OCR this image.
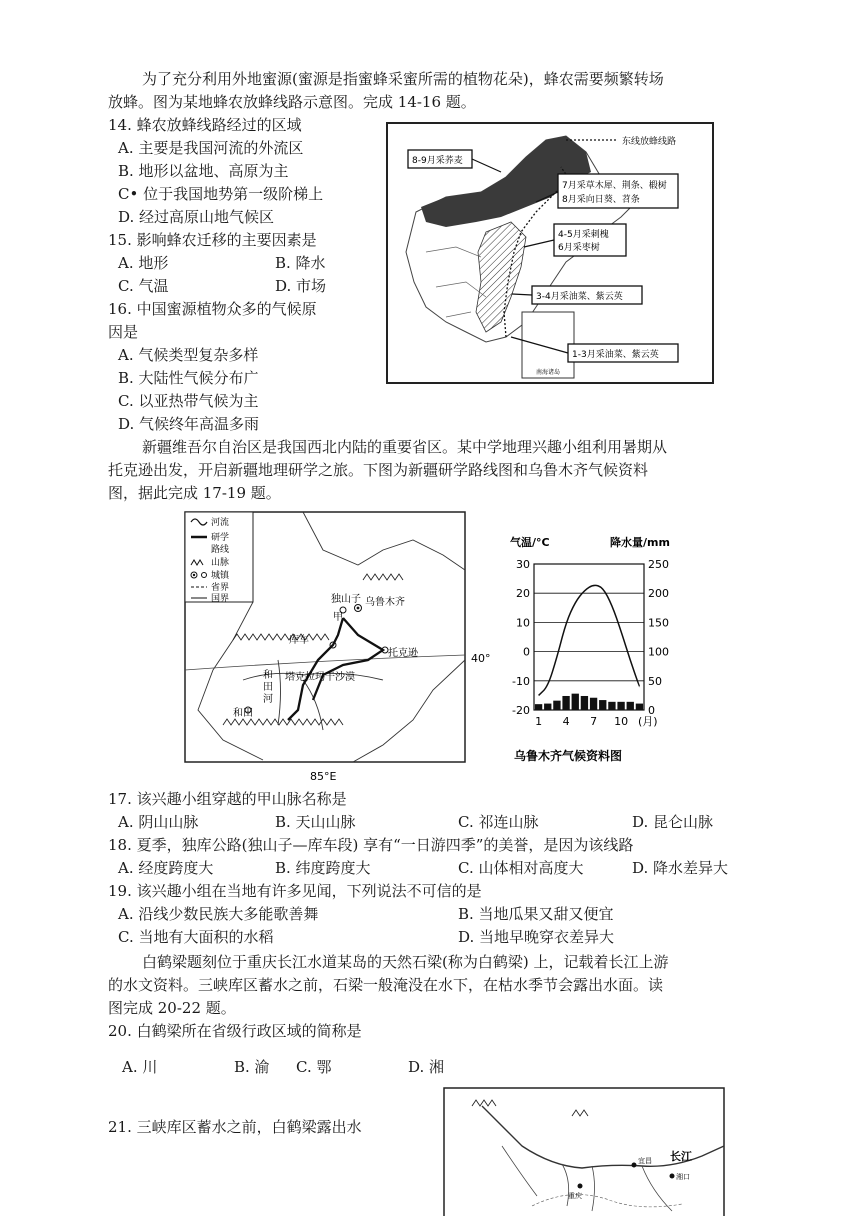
为了充分利用外地蜜源(蜜源是指蜜蜂采蜜所需的植物花朵)，蜂农需要频繁转场
放蜂。图为某地蜂农放蜂线路示意图。完成 14-16 题。
14. 蜂农放蜂线路经过的区域
A. 主要是我国河流的外流区
B. 地形以盆地、高原为主
C• 位于我国地势第一级阶梯上
D. 经过高原山地气候区
15. 影响蜂农迁移的主要因素是
A. 地形	B. 降水
C. 气温	D. 市场
16. 中国蜜源植物众多的气候原
因是
A. 气候类型复杂多样
B. 大陆性气候分布广
C. 以亚热带气候为主
D. 气候终年高温多雨
东线放蜂线路
8-9月采荞麦
7月采草木犀、荆条、椴树
8月采向日葵、苕条
4-5月采刺槐
6月采枣树
3-4月采油菜、紫云英
南海诸岛
1-3月采油菜、紫云英
新疆维吾尔自治区是我国西北内陆的重要省区。某中学地理兴趣小组利用暑期从
托克逊出发，开启新疆地理研学之旅。下图为新疆研学路线图和乌鲁木齐气候资料
图，据此完成 17-19 题。
河流
研学
路线
山脉
城镇
省界
国界
40°
独山子 乌鲁木齐
甲
库车
托克逊
和
田
河
塔克拉玛干沙漠
和田
85°E
气温/°C	降水量/mm
30	250
20	200
10	150
0	100
-10	50
-20	0
1 4 7 10 (月)
乌鲁木齐气候资料图
17. 该兴趣小组穿越的甲山脉名称是
A. 阴山山脉	B. 天山山脉	C. 祁连山脉	D. 昆仑山脉
18. 夏季，独库公路(独山子—库车段) 享有“一日游四季”的美誉，是因为该线路
A. 经度跨度大	B. 纬度跨度大	C. 山体相对高度大	D. 降水差异大
19. 该兴趣小组在当地有许多见闻，下列说法不可信的是
A. 沿线少数民族大多能歌善舞	B. 当地瓜果又甜又便宜
C. 当地有大面积的水稻	D. 当地早晚穿衣差异大
白鹤梁题刻位于重庆长江水道某岛的天然石梁(称为白鹤梁) 上，记载着长江上游
的水文资料。三峡库区蓄水之前，石梁一般淹没在水下，在枯水季节会露出水面。读
图完成 20-22 题。
20. 白鹤梁所在省级行政区域的简称是
A. 川	B. 渝 C. 鄂	D. 湘
21. 三峡库区蓄水之前，白鹤梁露出水
长江
宜昌
重庆
湘口
